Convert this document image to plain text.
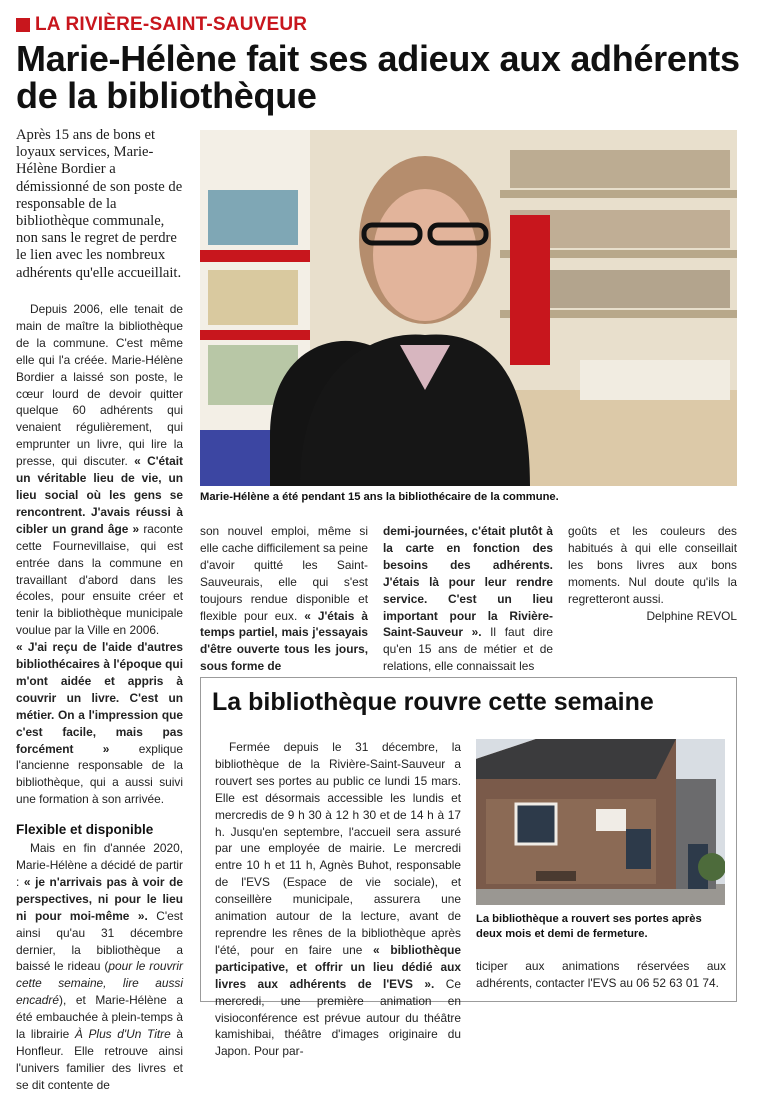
LA RIVIÈRE-SAINT-SAUVEUR
Marie-Hélène fait ses adieux aux adhérents de la bibliothèque
Après 15 ans de bons et loyaux services, Marie-Hélène Bordier a démissionné de son poste de responsable de la bibliothèque communale, non sans le regret de perdre le lien avec les nombreux adhérents qu'elle accueillait.

Depuis 2006, elle tenait de main de maître la bibliothèque de la commune. C'est même elle qui l'a créée. Marie-Hélène Bordier a laissé son poste, le cœur lourd de devoir quitter quelque 60 adhérents qui venaient régulièrement, qui emprunter un livre, qui lire la presse, qui discuter. « C'était un véritable lieu de vie, un lieu social où les gens se rencontrent. J'avais réussi à cibler un grand âge » raconte cette Fournevillaise, qui est entrée dans la commune en travaillant d'abord dans les écoles, pour ensuite créer et tenir la bibliothèque municipale voulue par la Ville en 2006.

« J'ai reçu de l'aide d'autres bibliothécaires à l'époque qui m'ont aidée et appris à couvrir un livre. C'est un métier. On a l'impression que c'est facile, mais pas forcément » explique l'ancienne responsable de la bibliothèque, qui a aussi suivi une formation à son arrivée.

Flexible et disponible

Mais en fin d'année 2020, Marie-Hélène a décidé de partir : « je n'arrivais pas à voir de perspectives, ni pour le lieu ni pour moi-même ». C'est ainsi qu'au 31 décembre dernier, la bibliothèque a baissé le rideau (pour le rouvrir cette semaine, lire aussi encadré), et Marie-Hélène a été embauchée à plein-temps à la librairie À Plus d'Un Titre à Honfleur. Elle retrouve ainsi l'univers familier des livres et se dit contente de

Marie-Hélène a été pendant 15 ans la bibliothécaire de la commune.

son nouvel emploi, même si elle cache difficilement sa peine d'avoir quitté les Saint-Sauveurais, elle qui s'est toujours rendue disponible et flexible pour eux. « J'étais à temps partiel, mais j'essayais d'être ouverte tous les jours, sous forme de

demi-journées, c'était plutôt à la carte en fonction des besoins des adhérents. J'étais là pour leur rendre service. C'est un lieu important pour la Rivière-Saint-Sauveur ». Il faut dire qu'en 15 ans de métier et de relations, elle connaissait les

goûts et les couleurs des habitués à qui elle conseillait les bons livres aux bons moments. Nul doute qu'ils la regretteront aussi.

Delphine REVOL
La bibliothèque rouvre cette semaine

Fermée depuis le 31 décembre, la bibliothèque de la Rivière-Saint-Sauveur a rouvert ses portes au public ce lundi 15 mars. Elle est désormais accessible les lundis et mercredis de 9 h 30 à 12 h 30 et de 14 h à 17 h. Jusqu'en septembre, l'accueil sera assuré par une employée de mairie. Le mercredi entre 10 h et 11 h, Agnès Buhot, responsable de l'EVS (Espace de vie sociale), et conseillère municipale, assurera une animation autour de la lecture, avant de reprendre les rênes de la bibliothèque après l'été, pour en faire une « bibliothèque participative, et offrir un lieu dédié aux livres aux adhérents de l'EVS ». Ce mercredi, une première animation en visioconférence est prévue autour du théâtre kamishibai, théâtre d'images originaire du Japon. Pour par-

La bibliothèque a rouvert ses portes après deux mois et demi de fermeture.
ticiper aux animations réservées aux adhérents, contacter l'EVS au 06 52 63 01 74.
